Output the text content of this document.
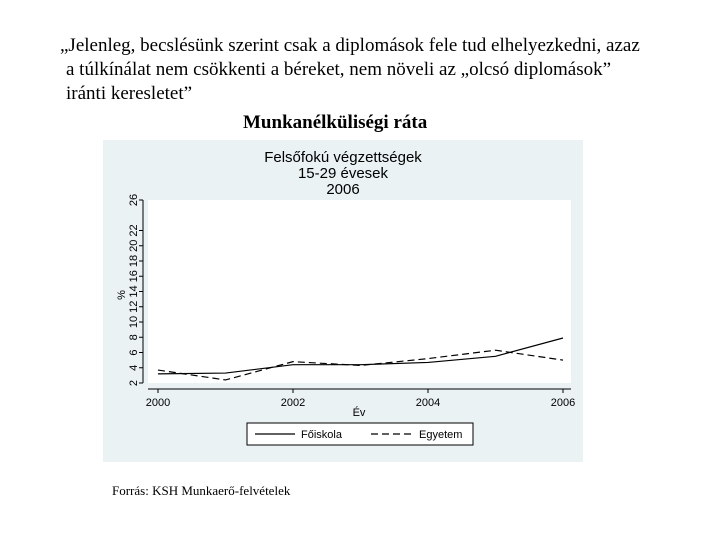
„Jelenleg, becslésünk szerint csak a diplomások fele tud elhelyezkedni, azaz
a túlkínálat nem csökkenti a béreket, nem növeli az „olcsó diplomások”
iránti keresletet”
Munkanélküliségi ráta
Felsőfokú végzettségek
15-29 évesek
2006
2
4
6
8
10
12
14
16
18
20
22
26
%
2000	2002	2004	2006
Év
Főiskola	Egyetem
Forrás: KSH Munkaerő-felvételek
